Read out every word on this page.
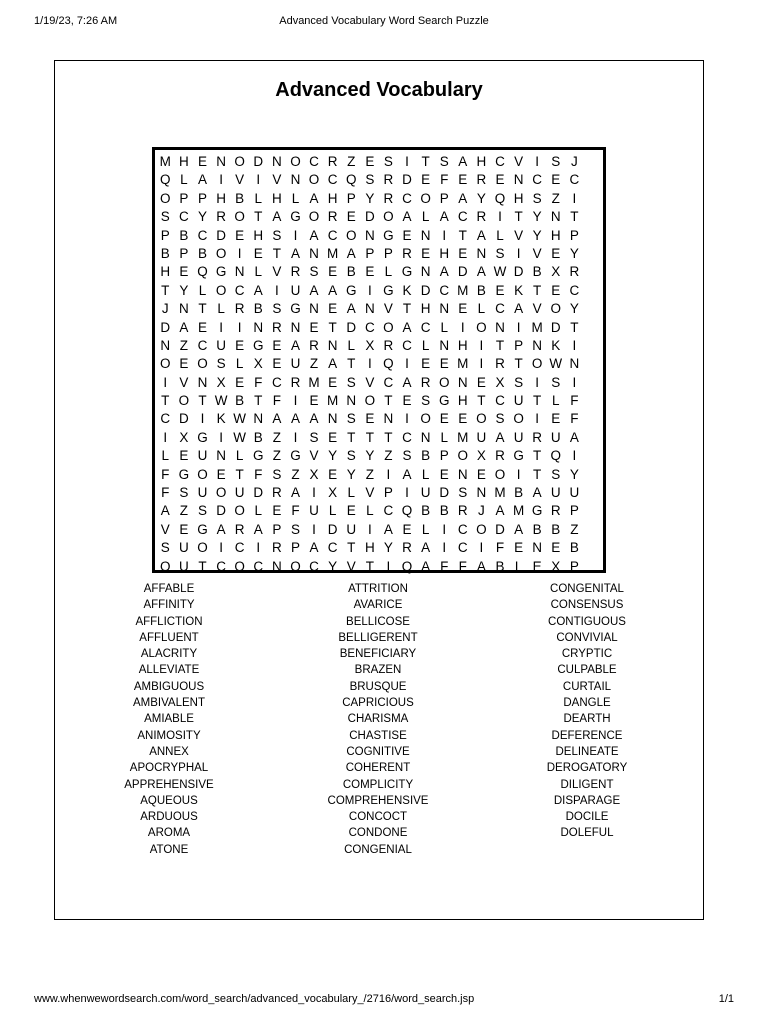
1/19/23, 7:26 AM	Advanced Vocabulary Word Search Puzzle
Advanced Vocabulary
M H E N O D N O C R Z E S I T S A H C V I S J
Q L A I V I V N O C Q S R D E F E R E N C E C
O P P H B L H L A H P Y R C O P A Y Q H S Z I
S C Y R O T A G O R E D O A L A C R I T Y N T
P B C D E H S I A C O N G E N I T A L V Y H P
B P B O I E T A N M A P P R E H E N S I V E Y
H E Q G N L V R S E B E L G N A D A W D B X R
T Y L O C A I U A A G I G K D C M B E K T E C
J N T L R B S G N E A N V T H N E L C A V O Y
D A E I	I N R N E T D C O A C L I O N I M D T
N Z C U E G E A R N L X R C L N H I T P N K I
O E O S L X E U Z A T I Q I E E M I R T O W N
I V N X E F C R M E S V C A R O N E X S I S I
T O T W B T F I E M N O T E S G H T C U T L F
C D I K W N A A A N S E N I O E E O S O I E F
I X G I W B Z I S E T T T C N L M U A U R U A
L E U N L G Z G V Y S Y Z S B P O X R G T Q I
F G O E T F S Z X E Y Z I A L E N E O I T S Y
F S U O U D R A I X L V P I U D S N M B A U U
A Z S D O L E F U L E L C Q B B R J A M G R P
V E G A R A P S I D U I A E L I C O D A B B Z
S U O I C I R P A C T H Y R A I C I F E N E B
O U T C O C N O C Y V T I Q A F F A B L E X P
AFFABLE
AFFINITY
AFFLICTION
AFFLUENT
ALACRITY
ALLEVIATE
AMBIGUOUS
AMBIVALENT
AMIABLE
ANIMOSITY
ANNEX
APOCRYPHAL
APPREHENSIVE
AQUEOUS
ARDUOUS
AROMA
ATONE
ATTRITION
AVARICE
BELLICOSE
BELLIGERENT
BENEFICIARY
BRAZEN
BRUSQUE
CAPRICIOUS
CHARISMA
CHASTISE
COGNITIVE
COHERENT
COMPLICITY
COMPREHENSIVE
CONCOCT
CONDONE
CONGENIAL
CONGENITAL
CONSENSUS
CONTIGUOUS
CONVIVIAL
CRYPTIC
CULPABLE
CURTAIL
DANGLE
DEARTH
DEFERENCE
DELINEATE
DEROGATORY
DILIGENT
DISPARAGE
DOCILE
DOLEFUL
www.whenwewordsearch.com/word_search/advanced_vocabulary_/2716/word_search.jsp	1/1
